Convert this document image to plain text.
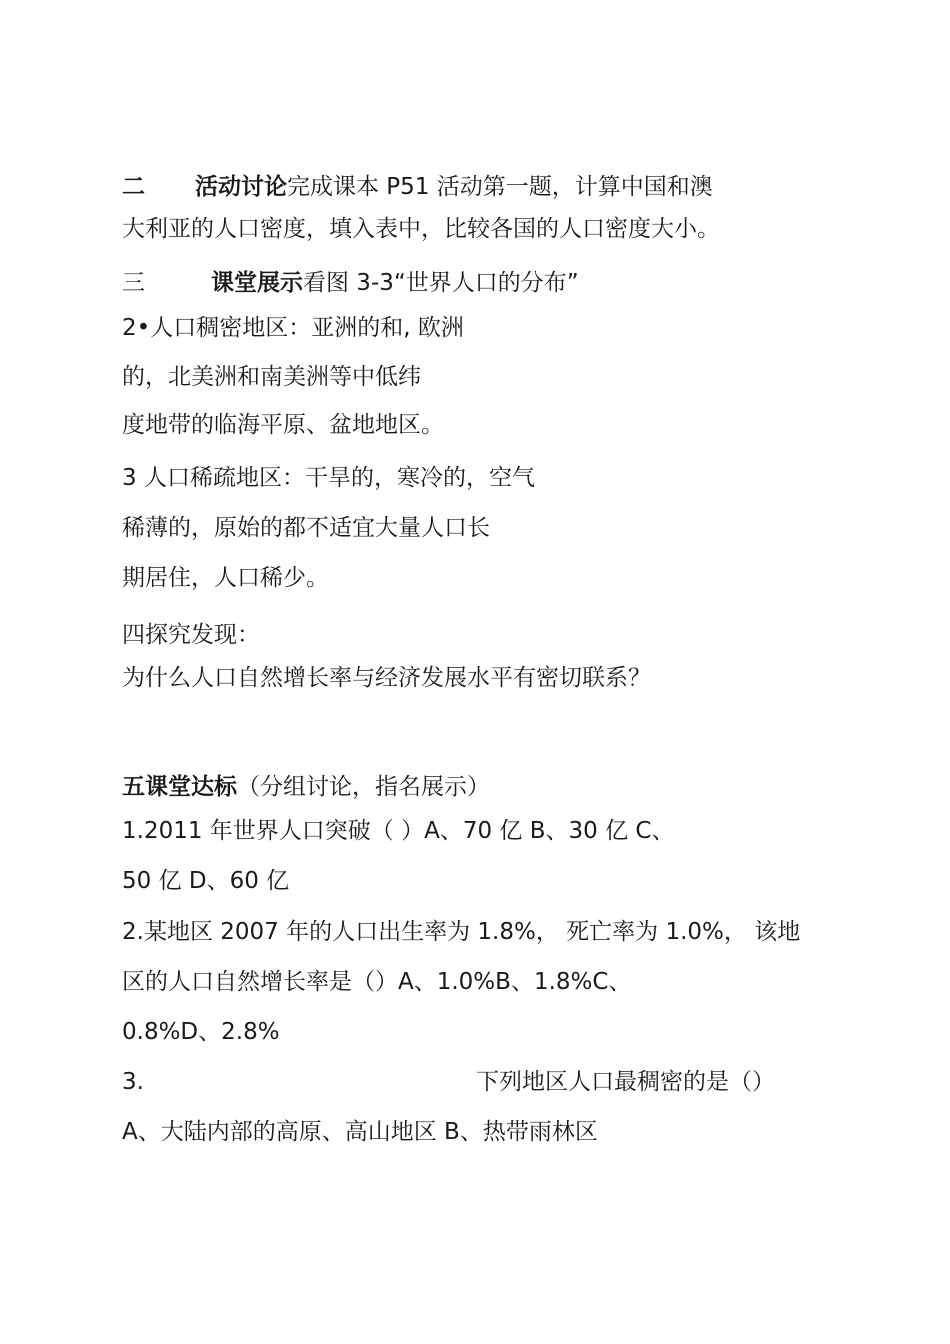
二 活动讨论完成课本 P51 活动第一题，计算中国和澳
大利亚的人口密度，填入表中，比较各国的人口密度大小。
三	课堂展示看图 3-3“世界人口的分布”
2•人口稠密地区：亚洲的和, 欧洲
的，北美洲和南美洲等中低纬
度地带的临海平原、盆地地区。
3 人口稀疏地区：干旱的，寒冷的，空气
稀薄的，原始的都不适宜大量人口长
期居住，人口稀少。
四探究发现：
为什么人口自然增长率与经济发展水平有密切联系？
五课堂达标（分组讨论，指名展示）
1.2011 年世界人口突破（ ）A、70 亿 B、30 亿 C、
50 亿 D、60 亿
2.某地区 2007 年的人口出生率为 1.8%， 死亡率为 1.0%， 该地
区的人口自然增长率是（）A、1.0%B、1.8%C、
0.8%D、2.8%
3.	下列地区人口最稠密的是（）
A、大陆内部的高原、高山地区 B、热带雨林区
